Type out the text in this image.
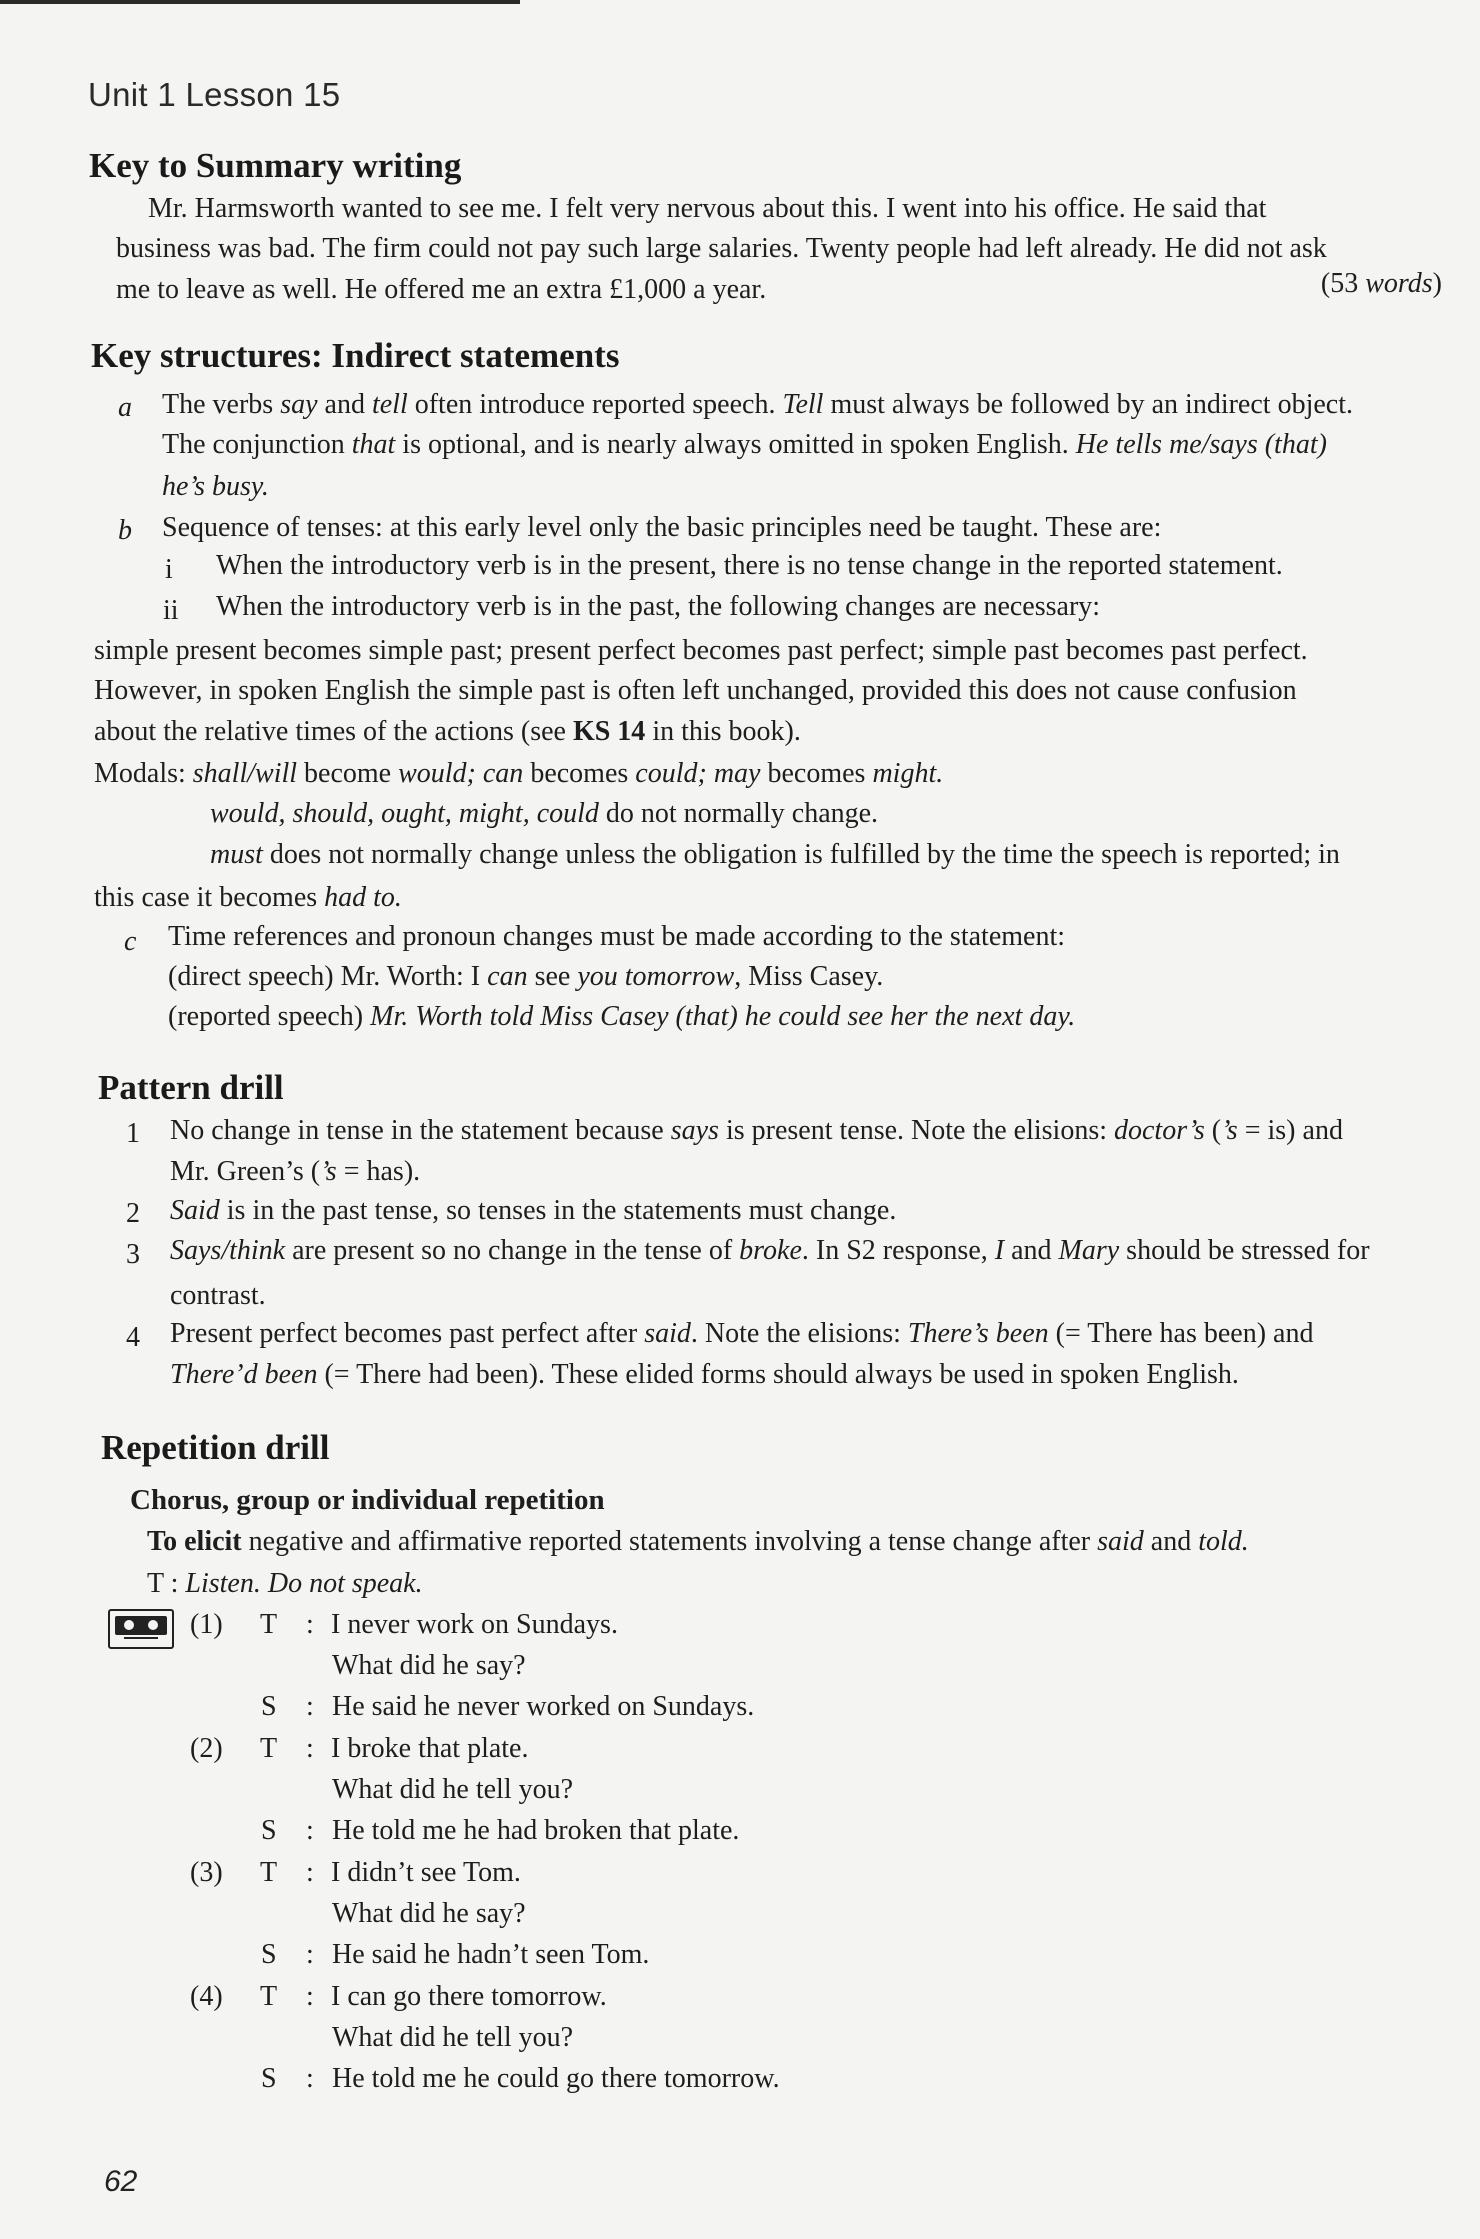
Unit 1 Lesson 15
Key to Summary writing
Mr. Harmsworth wanted to see me. I felt very nervous about this. I went into his office. He said that
business was bad. The firm could not pay such large salaries. Twenty people had left already. He did not ask
me to leave as well. He offered me an extra £1,000 a year.	(53 words)
Key structures: Indirect statements
a The verbs say and tell often introduce reported speech. Tell must always be followed by an indirect object.
The conjunction that is optional, and is nearly always omitted in spoken English. He tells me/says (that)
he’s busy.
b Sequence of tenses: at this early level only the basic principles need be taught. These are:
i When the introductory verb is in the present, there is no tense change in the reported statement.
ii When the introductory verb is in the past, the following changes are necessary:
simple present becomes simple past; present perfect becomes past perfect; simple past becomes past perfect.
However, in spoken English the simple past is often left unchanged, provided this does not cause confusion
about the relative times of the actions (see KS 14 in this book).
Modals: shall/will become would; can becomes could; may becomes might.
would, should, ought, might, could do not normally change.
must does not normally change unless the obligation is fulfilled by the time the speech is reported; in
this case it becomes had to.
c Time references and pronoun changes must be made according to the statement:
(direct speech) Mr. Worth: I can see you tomorrow, Miss Casey.
(reported speech) Mr. Worth told Miss Casey (that) he could see her the next day.
Pattern drill
1 No change in tense in the statement because says is present tense. Note the elisions: doctor’s (’s = is) and
Mr. Green’s (’s = has).
2 Said is in the past tense, so tenses in the statements must change.
3 Says/think are present so no change in the tense of broke. In S2 response, I and Mary should be stressed for
contrast.
4 Present perfect becomes past perfect after said. Note the elisions: There’s been (= There has been) and
There’d been (= There had been). These elided forms should always be used in spoken English.
Repetition drill
Chorus, group or individual repetition
To elicit negative and affirmative reported statements involving a tense change after said and told.
T : Listen. Do not speak.
(1) T : I never work on Sundays.
What did he say?
S : He said he never worked on Sundays.
(2) T : I broke that plate.
What did he tell you?
S : He told me he had broken that plate.
(3) T : I didn’t see Tom.
What did he say?
S : He said he hadn’t seen Tom.
(4) T : I can go there tomorrow.
What did he tell you?
S : He told me he could go there tomorrow.
62
